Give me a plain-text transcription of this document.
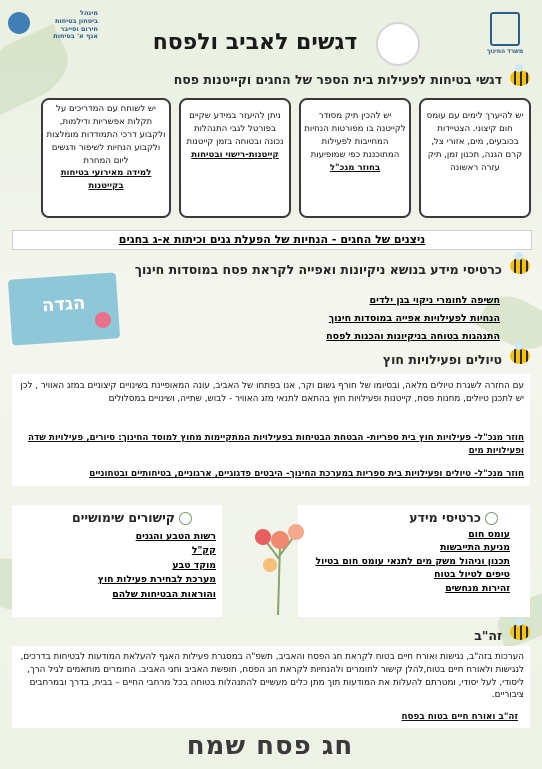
משרד החינוך
דגשים לאביב ולפסח
מינהל
ביטחון בטיחות
חירום וסייבר
אגף א' בטיחות
דגשי בטיחות לפעילות בית הספר של החגים וקייטנות פסח
יש להיערך לימים עם עומס חום קיצוני. הצטיידות בכובעים, מים, אזורי צל, קרם הגנה, תכנון זמן, תיק עזרה ראשונה
יש להכין תיק מסודר לקייטנה בו מפורטות הנחיות המחייבות לפעילות המתוכננת כפי שמופיעות
בחוזר מנכ"ל
ניתן להיעזר במידע שקיים בפורטל לגבי התנהלות נכונה ובטוחה בזמן קייטנות
קייטנות-רישוי ובטיחות
יש לשוחח עם המדריכים על תקלות אפשריות ודילמות, ולקבוע דרכי התמודדות מומלצות ולקבוע הנחיות לשיפור ודגשים ליום המחרת
למידה מאירועי בטיחות בקייטנות
ניצנים של החגים - הנחיות של הפעלת גנים וכיתות א-ג בחגים
כרטיסי מידע בנושא ניקיונות ואפייה לקראת פסח במוסדות חינוך
הגדה	חשיפה לחומרי ניקוי בגן ילדים
הנחיות לפעילויות אפייה במוסדות חינוך
התנהגות בטוחה בניקיונות והכנות לפסח
טיולים ופעילויות חוץ
עם החזרה לשגרת טיולים מלאה, ובסיומו של חורף גשום וקר, אנו בפתחו של האביב, עונה המאופיינת בשינויים קיצוניים במזג האוויר , לכן יש לתכנן טיולים, מחנות פסח, קייטנות ופעילויות חוץ בהתאם לתנאי מזג האוויר - לבוש, שתייה, ושינויים במסלולים
חוזר מנכ"ל- פעילויות חוץ בית ספריות- הבטחת הבטיחות בפעילויות המתקיימות מחוץ למוסד החינוך: סיורים, פעילויות שדה ופעילויות מים
חוזר מנכ"ל- טיולים ופעילויות בית ספריות במערכת החינוך- היבטים פדגוגיים, ארגוניים, בטיחותיים ובטחוניים
כרטיסי מידע
עומס חום
מניעת התייבשות
תכנון וניהול משק מים לתנאי עומס חום בטיול
טיפים לטיול בטוח
זהירות מנחשים
קישורים שימושיים
רשות הטבע והגנים
קק"ל
מוקד טבע
מערכת לבחירת פעילות חוץ
והוראות הבטיחות שלהם
זה"ב
הערכות בזה"ב, נגישות ואורח חיים בטוח לקראת חג הפסח והאביב, תשפ"ה במסגרת פעילות האגף להעלאת המודעות לבטיחות בדרכים, לנגישות ולאורח חיים בטוח,להלן קישור לחומרים ולהנחיות לקראת חג הפסח, חופשת האביב וחגי האביב. החומרים מותאמים לגיל הרך, ליסודי, לעל יסודי, ומטרתם להעלות את המודעות תוך מתן כלים מעשיים להתנהלות בטוחה בכל מרחבי החיים – בבית, בדרך ובמרחבים ציבוריים.
זה"ב ואורח חיים בטוח בפסח
חג פסח שמח
